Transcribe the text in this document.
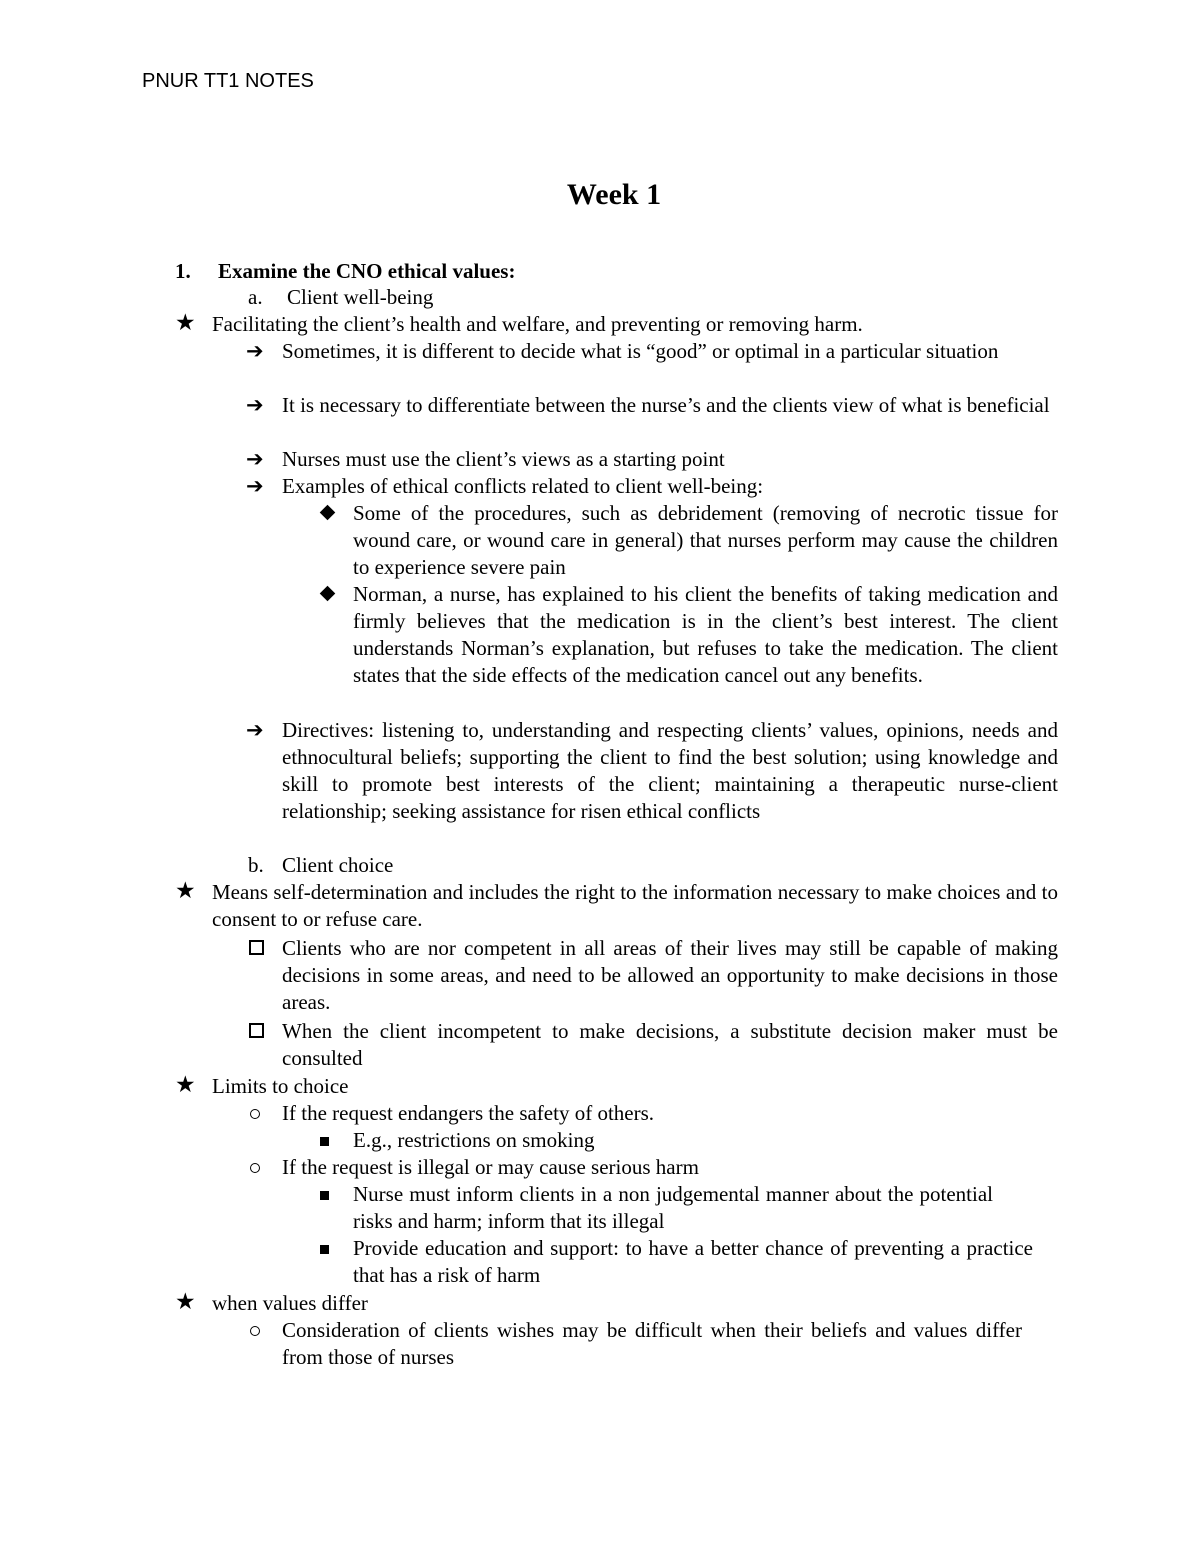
PNUR TT1 NOTES
Week 1
1. Examine the CNO ethical values:
a. Client well-being
★ Facilitating the client’s health and welfare, and preventing or removing harm.
➔ Sometimes, it is different to decide what is “good” or optimal in a particular situation
➔ It is necessary to differentiate between the nurse’s and the clients view of what is beneficial
➔ Nurses must use the client’s views as a starting point
➔ Examples of ethical conflicts related to client well-being:
Some of the procedures, such as debridement (removing of necrotic tissue for wound care, or wound care in general) that nurses perform may cause the children to experience severe pain
Norman, a nurse, has explained to his client the benefits of taking medication and firmly believes that the medication is in the client’s best interest. The client understands Norman’s explanation, but refuses to take the medication. The client states that the side effects of the medication cancel out any benefits.
➔ Directives: listening to, understanding and respecting clients’ values, opinions, needs and ethnocultural beliefs; supporting the client to find the best solution; using knowledge and skill to promote best interests of the client; maintaining a therapeutic nurse-client relationship; seeking assistance for risen ethical conflicts
b. Client choice
★ Means self-determination and includes the right to the information necessary to make choices and to consent to or refuse care.
Clients who are nor competent in all areas of their lives may still be capable of making decisions in some areas, and need to be allowed an opportunity to make decisions in those areas.
When the client incompetent to make decisions, a substitute decision maker must be consulted
★ Limits to choice
If the request endangers the safety of others.
E.g., restrictions on smoking
If the request is illegal or may cause serious harm
Nurse must inform clients in a non judgemental manner about the potential risks and harm; inform that its illegal
Provide education and support: to have a better chance of preventing a practice that has a risk of harm
★ when values differ
Consideration of clients wishes may be difficult when their beliefs and values differ from those of nurses
